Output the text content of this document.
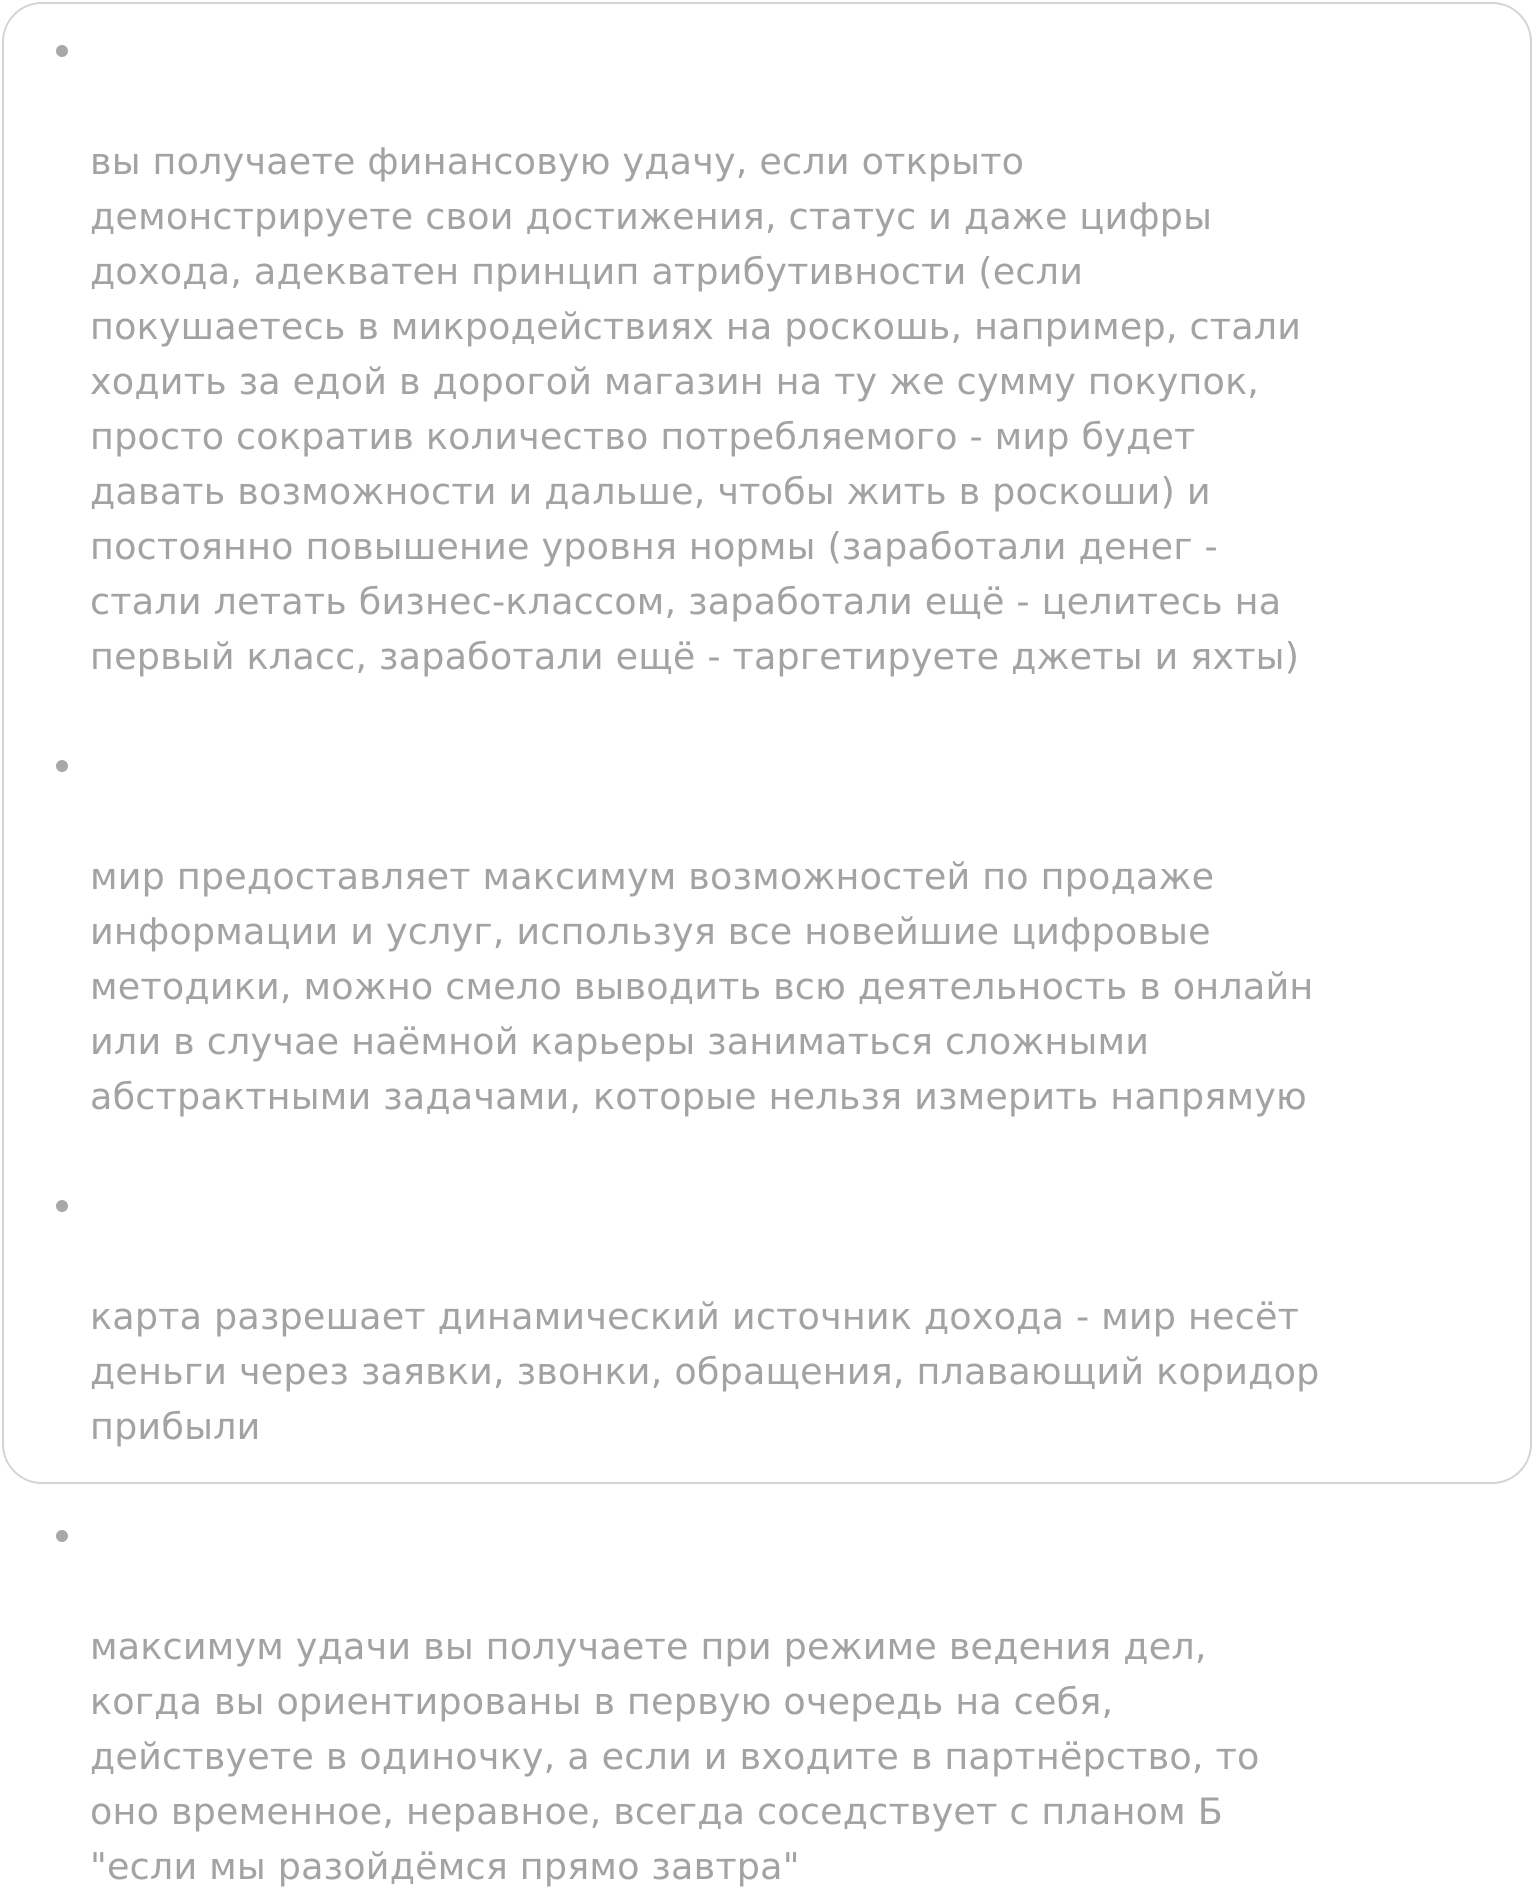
вы получаете финансовую удачу, если открыто
демонстрируете свои достижения, статус и даже цифры
дохода, адекватен принцип атрибутивности (если
покушаетесь в микродействиях на роскошь, например, стали
ходить за едой в дорогой магазин на ту же сумму покупок,
просто сократив количество потребляемого - мир будет
давать возможности и дальше, чтобы жить в роскоши) и
постоянно повышение уровня нормы (заработали денег -
стали летать бизнес-классом, заработали ещё - целитесь на
первый класс, заработали ещё - таргетируете джеты и яхты)

мир предоставляет максимум возможностей по продаже
информации и услуг, используя все новейшие цифровые
методики, можно смело выводить всю деятельность в онлайн
или в случае наёмной карьеры заниматься сложными
абстрактными задачами, которые нельзя измерить напрямую

карта разрешает динамический источник дохода - мир несёт
деньги через заявки, звонки, обращения, плавающий коридор
прибыли

максимум удачи вы получаете при режиме ведения дел,
когда вы ориентированы в первую очередь на себя,
действуете в одиночку, а если и входите в партнёрство, то
оно временное, неравное, всегда соседствует с планом Б
"если мы разойдёмся прямо завтра"
